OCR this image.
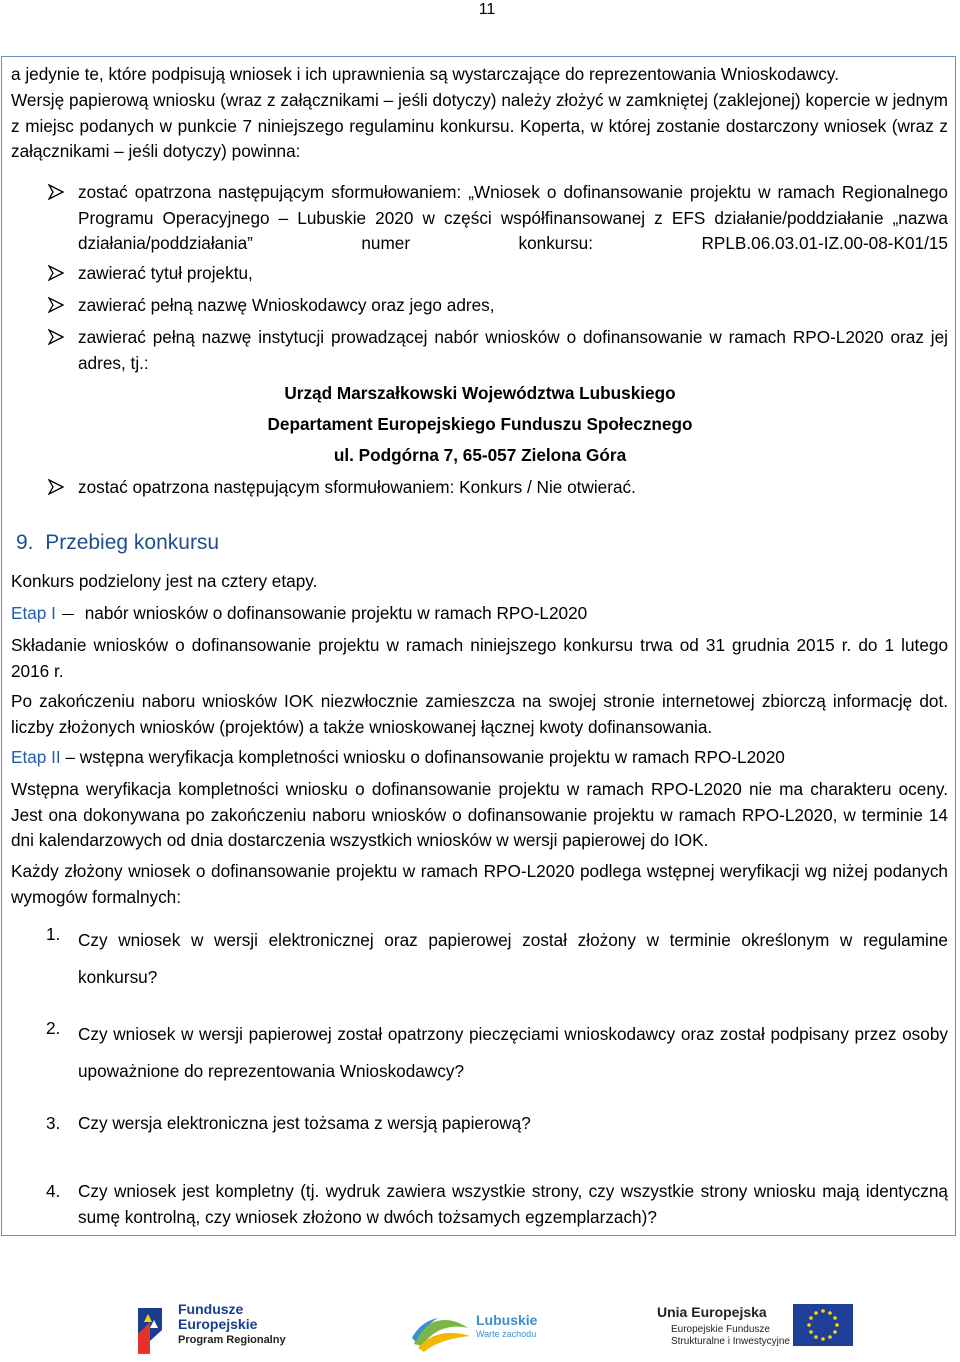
11
a jedynie te, które podpisują wniosek i ich uprawnienia są wystarczające do reprezentowania Wnioskodawcy.
Wersję papierową wniosku (wraz z załącznikami – jeśli dotyczy) należy złożyć w zamkniętej (zaklejonej) kopercie w jednym z miejsc podanych w punkcie 7 niniejszego regulaminu konkursu. Koperta, w której zostanie dostarczony wniosek (wraz z załącznikami – jeśli dotyczy) powinna:
zostać opatrzona następującym sformułowaniem: „Wniosek o dofinansowanie projektu w ramach Regionalnego Programu Operacyjnego – Lubuskie 2020 w części współfinansowanej z EFS działanie/poddziałanie „nazwa działania/poddziałania” numer konkursu: RPLB.06.03.01-IZ.00-08-K01/15
zawierać tytuł projektu,
zawierać pełną nazwę Wnioskodawcy oraz jego adres,
zawierać pełną nazwę instytucji prowadzącej nabór wniosków o dofinansowanie w ramach RPO-L2020 oraz jej adres, tj.:
Urząd Marszałkowski Województwa Lubuskiego
Departament Europejskiego Funduszu Społecznego
ul. Podgórna 7, 65-057 Zielona Góra
zostać opatrzona następującym sformułowaniem: Konkurs / Nie otwierać.
9. Przebieg konkursu
Konkurs podzielony jest na cztery etapy.
Etap I nabór wniosków o dofinansowanie projektu w ramach RPO-L2020
Składanie wniosków o dofinansowanie projektu w ramach niniejszego konkursu trwa od 31 grudnia 2015 r. do 1 lutego 2016 r.
Po zakończeniu naboru wniosków IOK niezwłocznie zamieszcza na swojej stronie internetowej zbiorczą informację dot. liczby złożonych wniosków (projektów) a także wnioskowanej łącznej kwoty dofinansowania.
Etap II – wstępna weryfikacja kompletności wniosku o dofinansowanie projektu w ramach RPO-L2020
Wstępna weryfikacja kompletności wniosku o dofinansowanie projektu w ramach RPO-L2020 nie ma charakteru oceny. Jest ona dokonywana po zakończeniu naboru wniosków o dofinansowanie projektu w ramach RPO-L2020, w terminie 14 dni kalendarzowych od dnia dostarczenia wszystkich wniosków w wersji papierowej do IOK.
Każdy złożony wniosek o dofinansowanie projektu w ramach RPO-L2020 podlega wstępnej weryfikacji wg niżej podanych wymogów formalnych:
1. Czy wniosek w wersji elektronicznej oraz papierowej został złożony w terminie określonym w regulamine konkursu?
2. Czy wniosek w wersji papierowej został opatrzony pieczęciami wnioskodawcy oraz został podpisany przez osoby upoważnione do reprezentowania Wnioskodawcy?
3. Czy wersja elektroniczna jest tożsama z wersją papierową?
4. Czy wniosek jest kompletny (tj. wydruk zawiera wszystkie strony, czy wszystkie strony wniosku mają identyczną sumę kontrolną, czy wniosek złożono w dwóch tożsamych egzemplarzach)?
Fundusze
Europejskie
Program Regionalny
Lubuskie
Warte zachodu
Unia Europejska
Europejskie Fundusze
Strukturalne i Inwestycyjne
